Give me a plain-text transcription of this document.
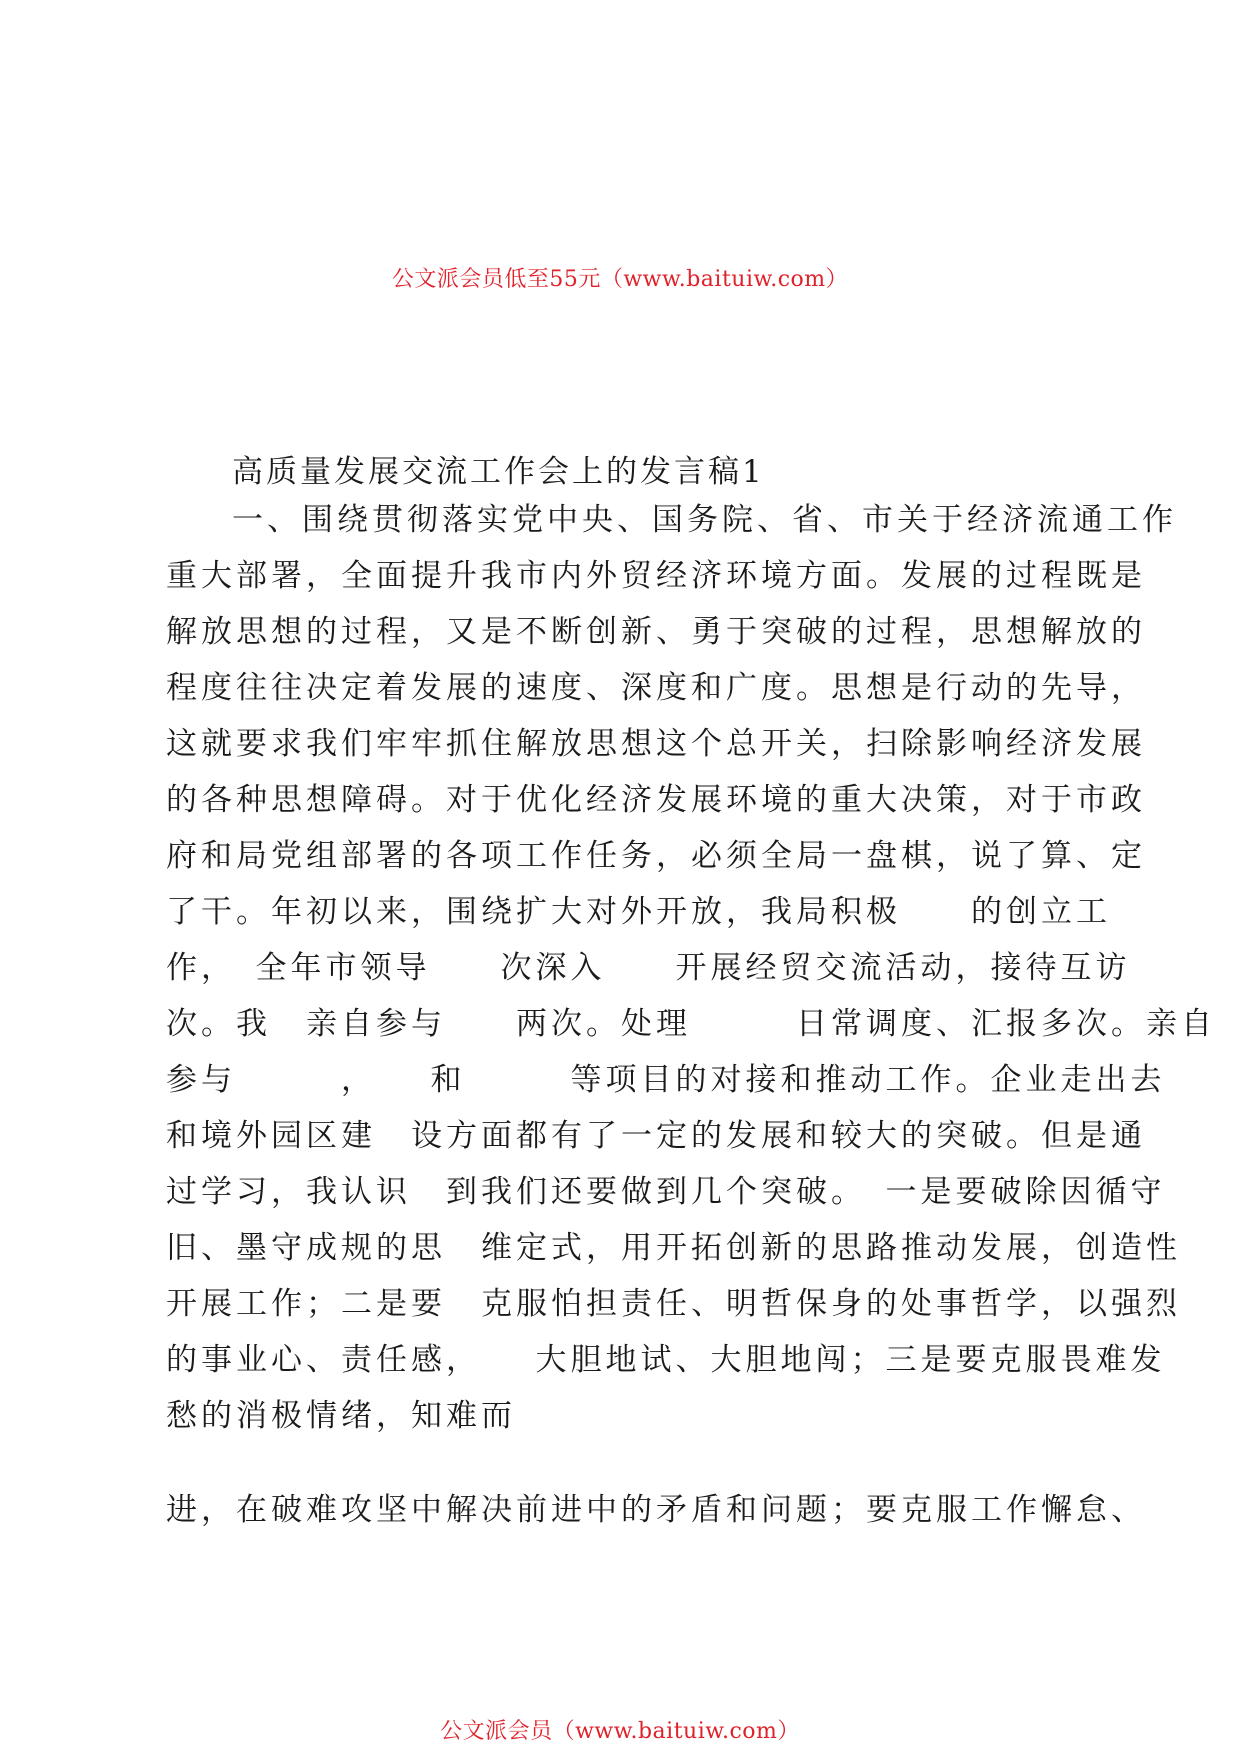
公文派会员低至55元（www.baituiw.com）
高质量发展交流工作会上的发言稿1
一、围绕贯彻落实党中央、国务院、省、市关于经济流通工作
重大部署，全面提升我市内外贸经济环境方面。发展的过程既是
解放思想的过程，又是不断创新、勇于突破的过程，思想解放的
程度往往决定着发展的速度、深度和广度。思想是行动的先导，
这就要求我们牢牢抓住解放思想这个总开关，扫除影响经济发展
的各种思想障碍。对于优化经济发展环境的重大决策，对于市政
府和局党组部署的各项工作任务，必须全局一盘棋，说了算、定
了干。年初以来，围绕扩大对外开放，我局积极　　的创立工
作，　全年市领导　　次深入　　开展经贸交流活动，接待互访
次。我　亲自参与　　两次。处理　　　日常调度、汇报多次。亲自
参与　　　，　　和　　　等项目的对接和推动工作。企业走出去
和境外园区建　设方面都有了一定的发展和较大的突破。但是通
过学习，我认识　到我们还要做到几个突破。　一是要破除因循守
旧、墨守成规的思　维定式，用开拓创新的思路推动发展，创造性
开展工作；二是要　克服怕担责任、明哲保身的处事哲学，以强烈
的事业心、责任感，　　大胆地试、大胆地闯；三是要克服畏难发
愁的消极情绪，知难而
进，在破难攻坚中解决前进中的矛盾和问题；要克服工作懈怠、
公文派会员（www.baituiw.com）
